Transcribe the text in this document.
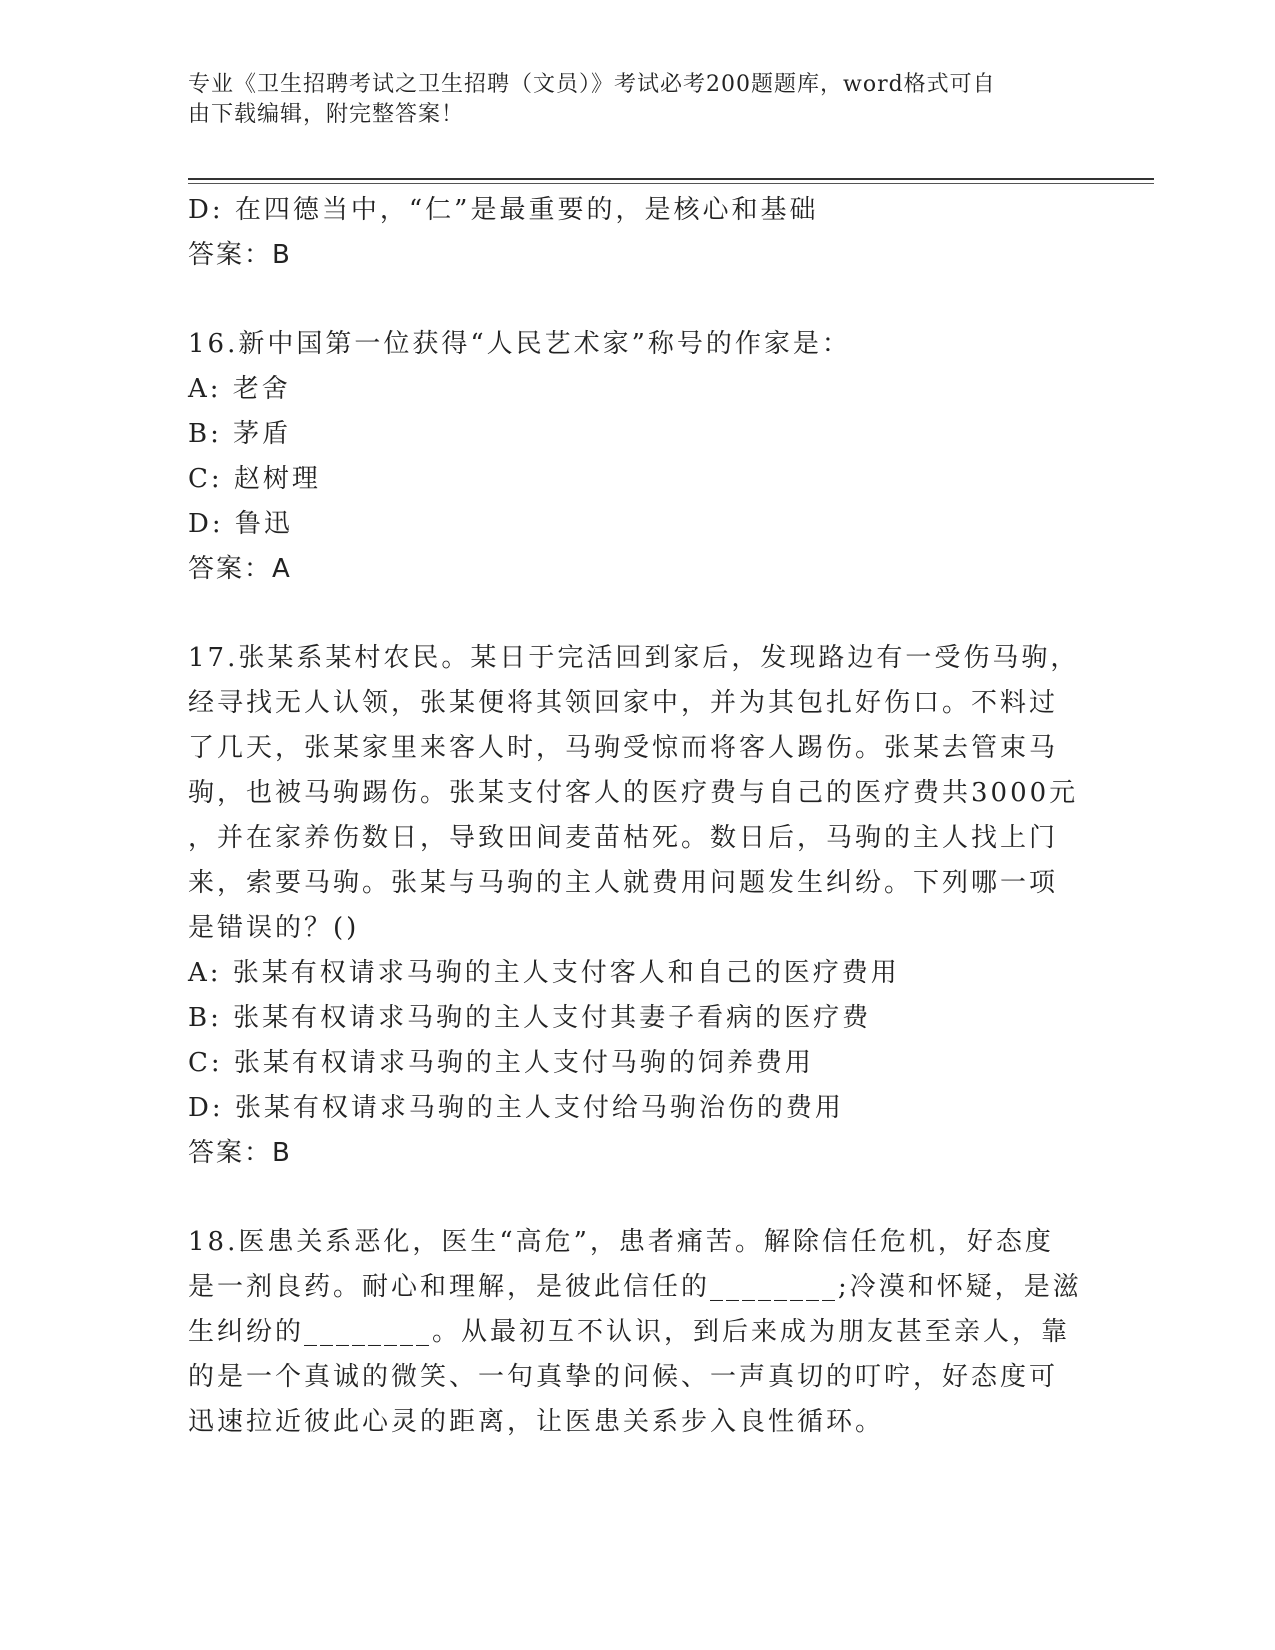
专业《卫生招聘考试之卫生招聘（文员）》考试必考200题题库，word格式可自
由下载编辑，附完整答案！
D: 在四德当中，“仁”是最重要的，是核心和基础
答案：B
16.新中国第一位获得“人民艺术家”称号的作家是：
A: 老舍
B: 茅盾
C: 赵树理
D: 鲁迅
答案：A
17.张某系某村农民。某日于完活回到家后，发现路边有一受伤马驹，
经寻找无人认领，张某便将其领回家中，并为其包扎好伤口。不料过
了几天，张某家里来客人时，马驹受惊而将客人踢伤。张某去管束马
驹，也被马驹踢伤。张某支付客人的医疗费与自己的医疗费共3000元
，并在家养伤数日，导致田间麦苗枯死。数日后，马驹的主人找上门
来，索要马驹。张某与马驹的主人就费用问题发生纠纷。下列哪一项
是错误的？()
A: 张某有权请求马驹的主人支付客人和自己的医疗费用
B: 张某有权请求马驹的主人支付其妻子看病的医疗费
C: 张某有权请求马驹的主人支付马驹的饲养费用
D: 张某有权请求马驹的主人支付给马驹治伤的费用
答案：B
18.医患关系恶化，医生“高危”，患者痛苦。解除信任危机，好态度
是一剂良药。耐心和理解，是彼此信任的________;冷漠和怀疑，是滋
生纠纷的________。从最初互不认识，到后来成为朋友甚至亲人，靠
的是一个真诚的微笑、一句真挚的问候、一声真切的叮咛，好态度可
迅速拉近彼此心灵的距离，让医患关系步入良性循环。
